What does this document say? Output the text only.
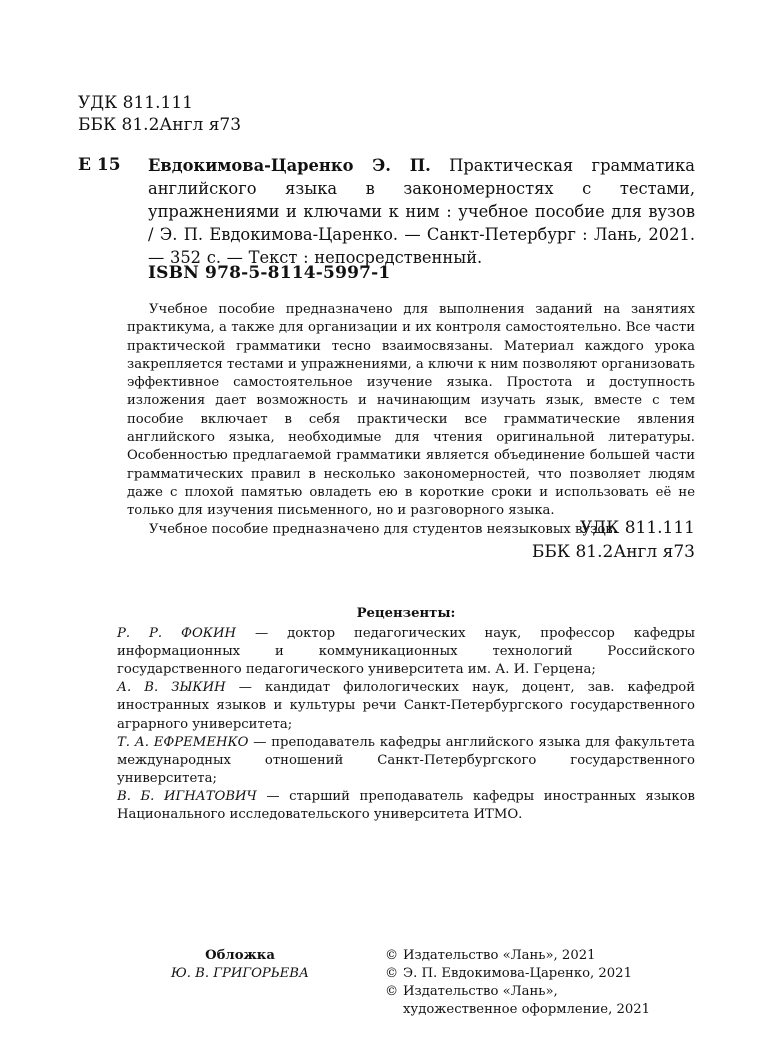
УДК 811.111
ББК 81.2Англ я73
Е 15 Евдокимова-Царенко Э. П. Практическая грамматика английского языка в закономерностях с тестами, упражнениями и ключами к ним : учебное пособие для вузов / Э. П. Евдокимова-Царенко. — Санкт-Петербург : Лань, 2021. — 352 с. — Текст : непосредственный.
ISBN 978-5-8114-5997-1

Учебное пособие предназначено для выполнения заданий на занятиях практикума, а также для организации и их контроля самостоятельно. Все части практической грамматики тесно взаимосвязаны. Материал каждого урока закрепляется тестами и упражнениями, а ключи к ним позволяют организовать эффективное самостоятельное изучение языка. Простота и доступность изложения дает возможность и начинающим изучать язык, вместе с тем пособие включает в себя практически все грамматические явления английского языка, необходимые для чтения оригинальной литературы. Особенностью предлагаемой грамматики является объединение большей части грамматических правил в несколько закономерностей, что позволяет людям даже с плохой памятью овладеть ею в короткие сроки и использовать её не только для изучения письменного, но и разговорного языка.

Учебное пособие предназначено для студентов неязыковых вузов.

УДК 811.111
ББК 81.2Англ я73
Рецензенты:

Р. Р. ФОКИН — доктор педагогических наук, профессор кафедры информационных и коммуникационных технологий Российского государственного педагогического университета им. А. И. Герцена;

А. В. ЗЫКИН — кандидат филологических наук, доцент, зав. кафедрой иностранных языков и культуры речи Санкт-Петербургского государственного аграрного университета;

Т. А. ЕФРЕМЕНКО — преподаватель кафедры английского языка для факультета международных отношений Санкт-Петербургского государственного университета;

В. Б. ИГНАТОВИЧ — старший преподаватель кафедры иностранных языков Национального исследовательского университета ИТМО.

Обложка
Ю. В. ГРИГОРЬЕВА
© Издательство «Лань», 2021
© Э. П. Евдокимова-Царенко, 2021
© Издательство «Лань»,
художественное оформление, 2021
